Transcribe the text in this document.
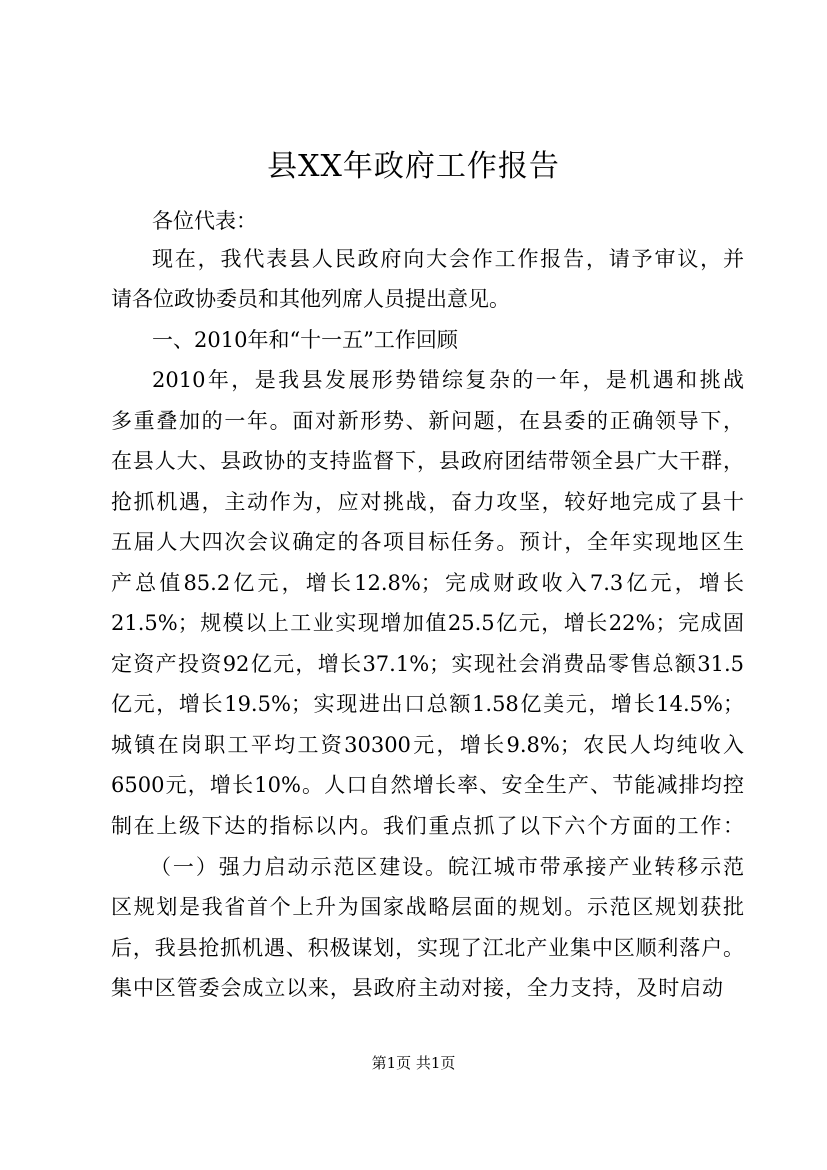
县XX年政府工作报告
各位代表：
现在，我代表县人民政府向大会作工作报告，请予审议，并
请各位政协委员和其他列席人员提出意见。
一、2010年和“十一五”工作回顾
2010年，是我县发展形势错综复杂的一年，是机遇和挑战
多重叠加的一年。面对新形势、新问题，在县委的正确领导下，
在县人大、县政协的支持监督下，县政府团结带领全县广大干群，
抢抓机遇，主动作为，应对挑战，奋力攻坚，较好地完成了县十
五届人大四次会议确定的各项目标任务。预计，全年实现地区生
产总值85.2亿元，增长12.8%；完成财政收入7.3亿元，增长
21.5%；规模以上工业实现增加值25.5亿元，增长22%；完成固
定资产投资92亿元，增长37.1%；实现社会消费品零售总额31.5
亿元，增长19.5%；实现进出口总额1.58亿美元，增长14.5%；
城镇在岗职工平均工资30300元，增长9.8%；农民人均纯收入
6500元，增长10%。人口自然增长率、安全生产、节能减排均控
制在上级下达的指标以内。我们重点抓了以下六个方面的工作：
（一）强力启动示范区建设。皖江城市带承接产业转移示范
区规划是我省首个上升为国家战略层面的规划。示范区规划获批
后，我县抢抓机遇、积极谋划，实现了江北产业集中区顺利落户。
集中区管委会成立以来，县政府主动对接，全力支持，及时启动
第1页 共1页
